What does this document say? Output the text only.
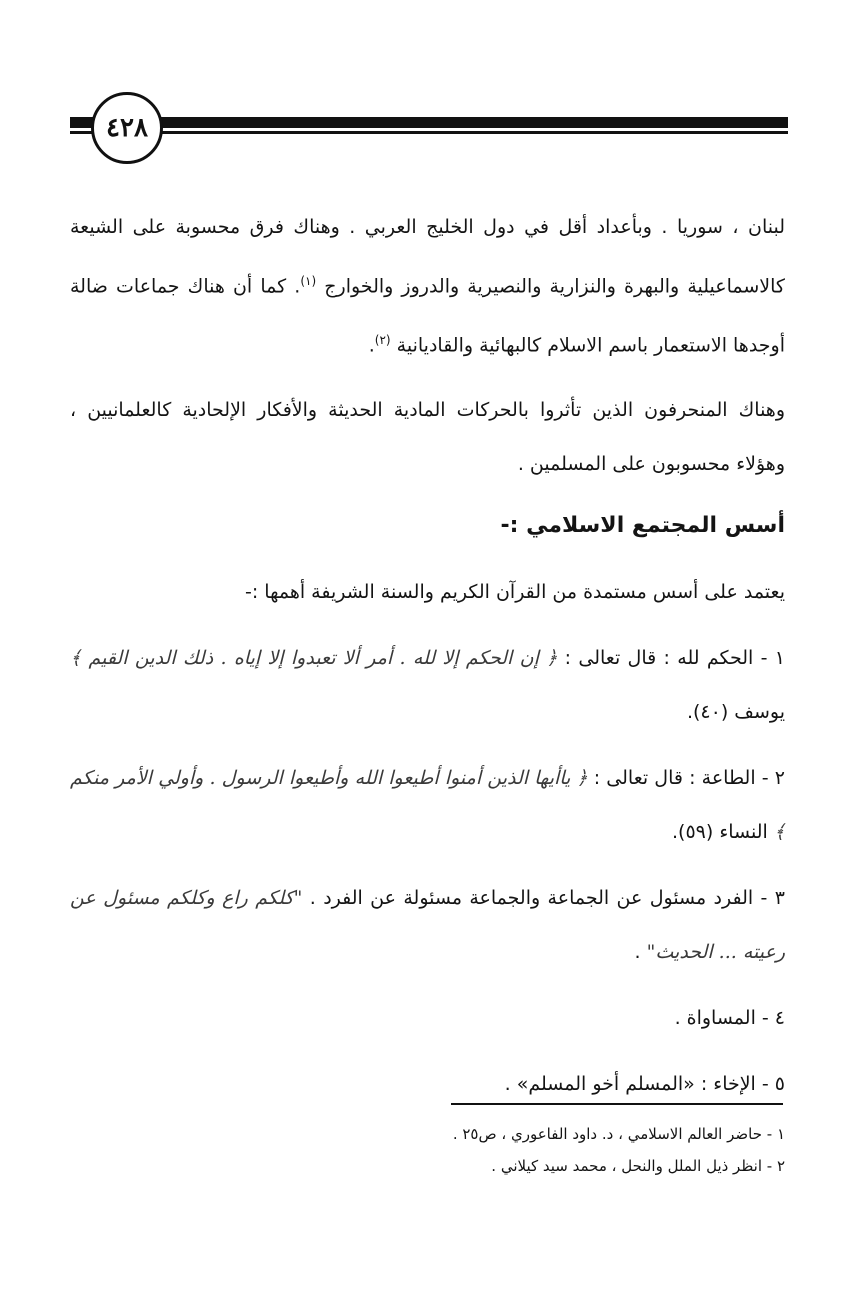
٤٢٨

لبنان ، سوريا . وبأعداد أقل في دول الخليج العربي . وهناك فرق محسوبة على الشيعة كالاسماعيلية والبهرة والنزارية والنصيرية والدروز والخوارج $^{(١)}$. كما أن هناك جماعات ضالة أوجدها الاستعمار باسم الاسلام كالبهائية والقاديانية $^{(٢)}$.

وهناك المنحرفون الذين تأثروا بالحركات المادية الحديثة والأفكار الإلحادية كالعلمانيين ، وهؤلاء محسوبون على المسلمين .

أسس المجتمع الاسلامي :-

يعتمد على أسس مستمدة من القرآن الكريم والسنة الشريفة أهمها :-

١ - الحكم لله : قال تعالى : ﴿ إن الحكم إلا لله . أمر ألا تعبدوا إلا إياه . ذلك الدين القيم ﴾ يوسف (٤٠).

٢ - الطاعة : قال تعالى : ﴿ ياأيها الذين أمنوا أطيعوا الله وأطيعوا الرسول . وأولي الأمر منكم ﴾ النساء (٥٩).

٣ - الفرد مسئول عن الجماعة والجماعة مسئولة عن الفرد . "كلكم راع وكلكم مسئول عن رعيته ... الحديث" .

٤ - المساواة .

٥ - الإخاء : «المسلم أخو المسلم» .

١ - حاضر العالم الاسلامي ، د. داود الفاعوري ، ص٢٥ .

٢ - انظر ذيل الملل والنحل ، محمد سيد كيلاني .
